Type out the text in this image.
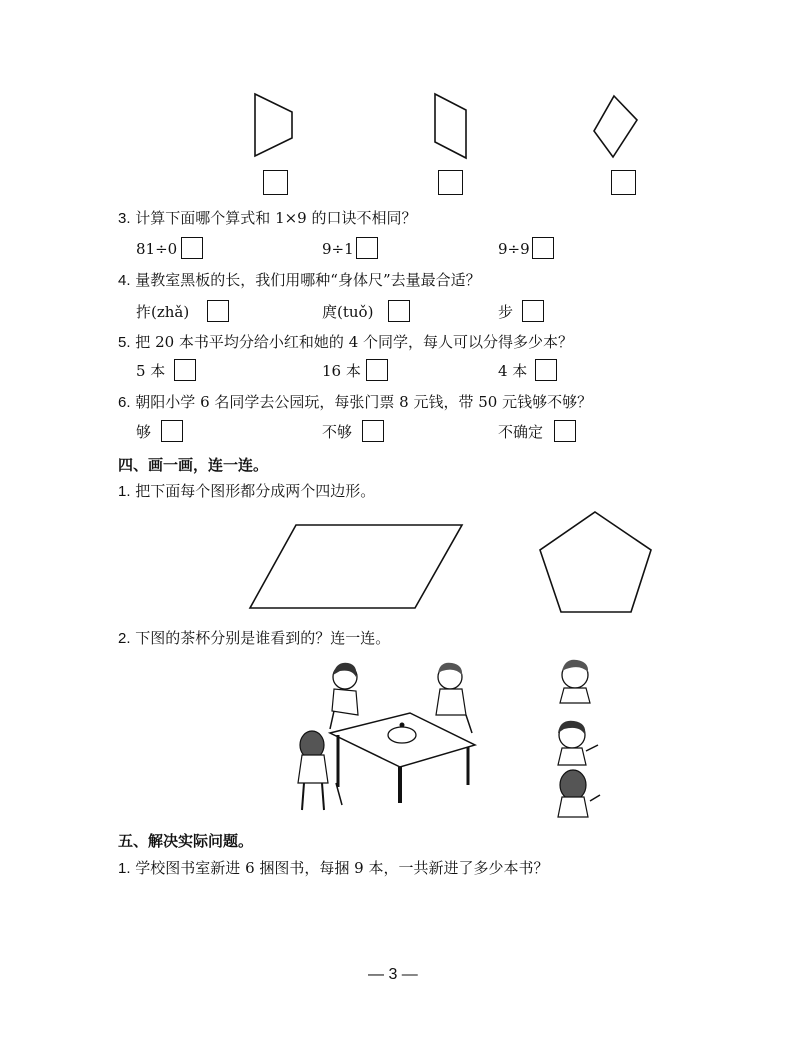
3. 计算下面哪个算式和 1×9 的口诀不相同？
81÷0	9÷1	9÷9
4. 量教室黑板的长，我们用哪种“身体尺”去量最合适？
拃(zhǎ)	庹(tuǒ)	步
5. 把 20 本书平均分给小红和她的 4 个同学，每人可以分得多少本？
5 本	16 本	4 本
6. 朝阳小学 6 名同学去公园玩，每张门票 8 元钱，带 50 元钱够不够？
够	不够	不确定
四、画一画，连一连。
1. 把下面每个图形都分成两个四边形。
2. 下图的茶杯分别是谁看到的？连一连。
五、解决实际问题。
1. 学校图书室新进 6 捆图书，每捆 9 本，一共新进了多少本书？
— 3 —
